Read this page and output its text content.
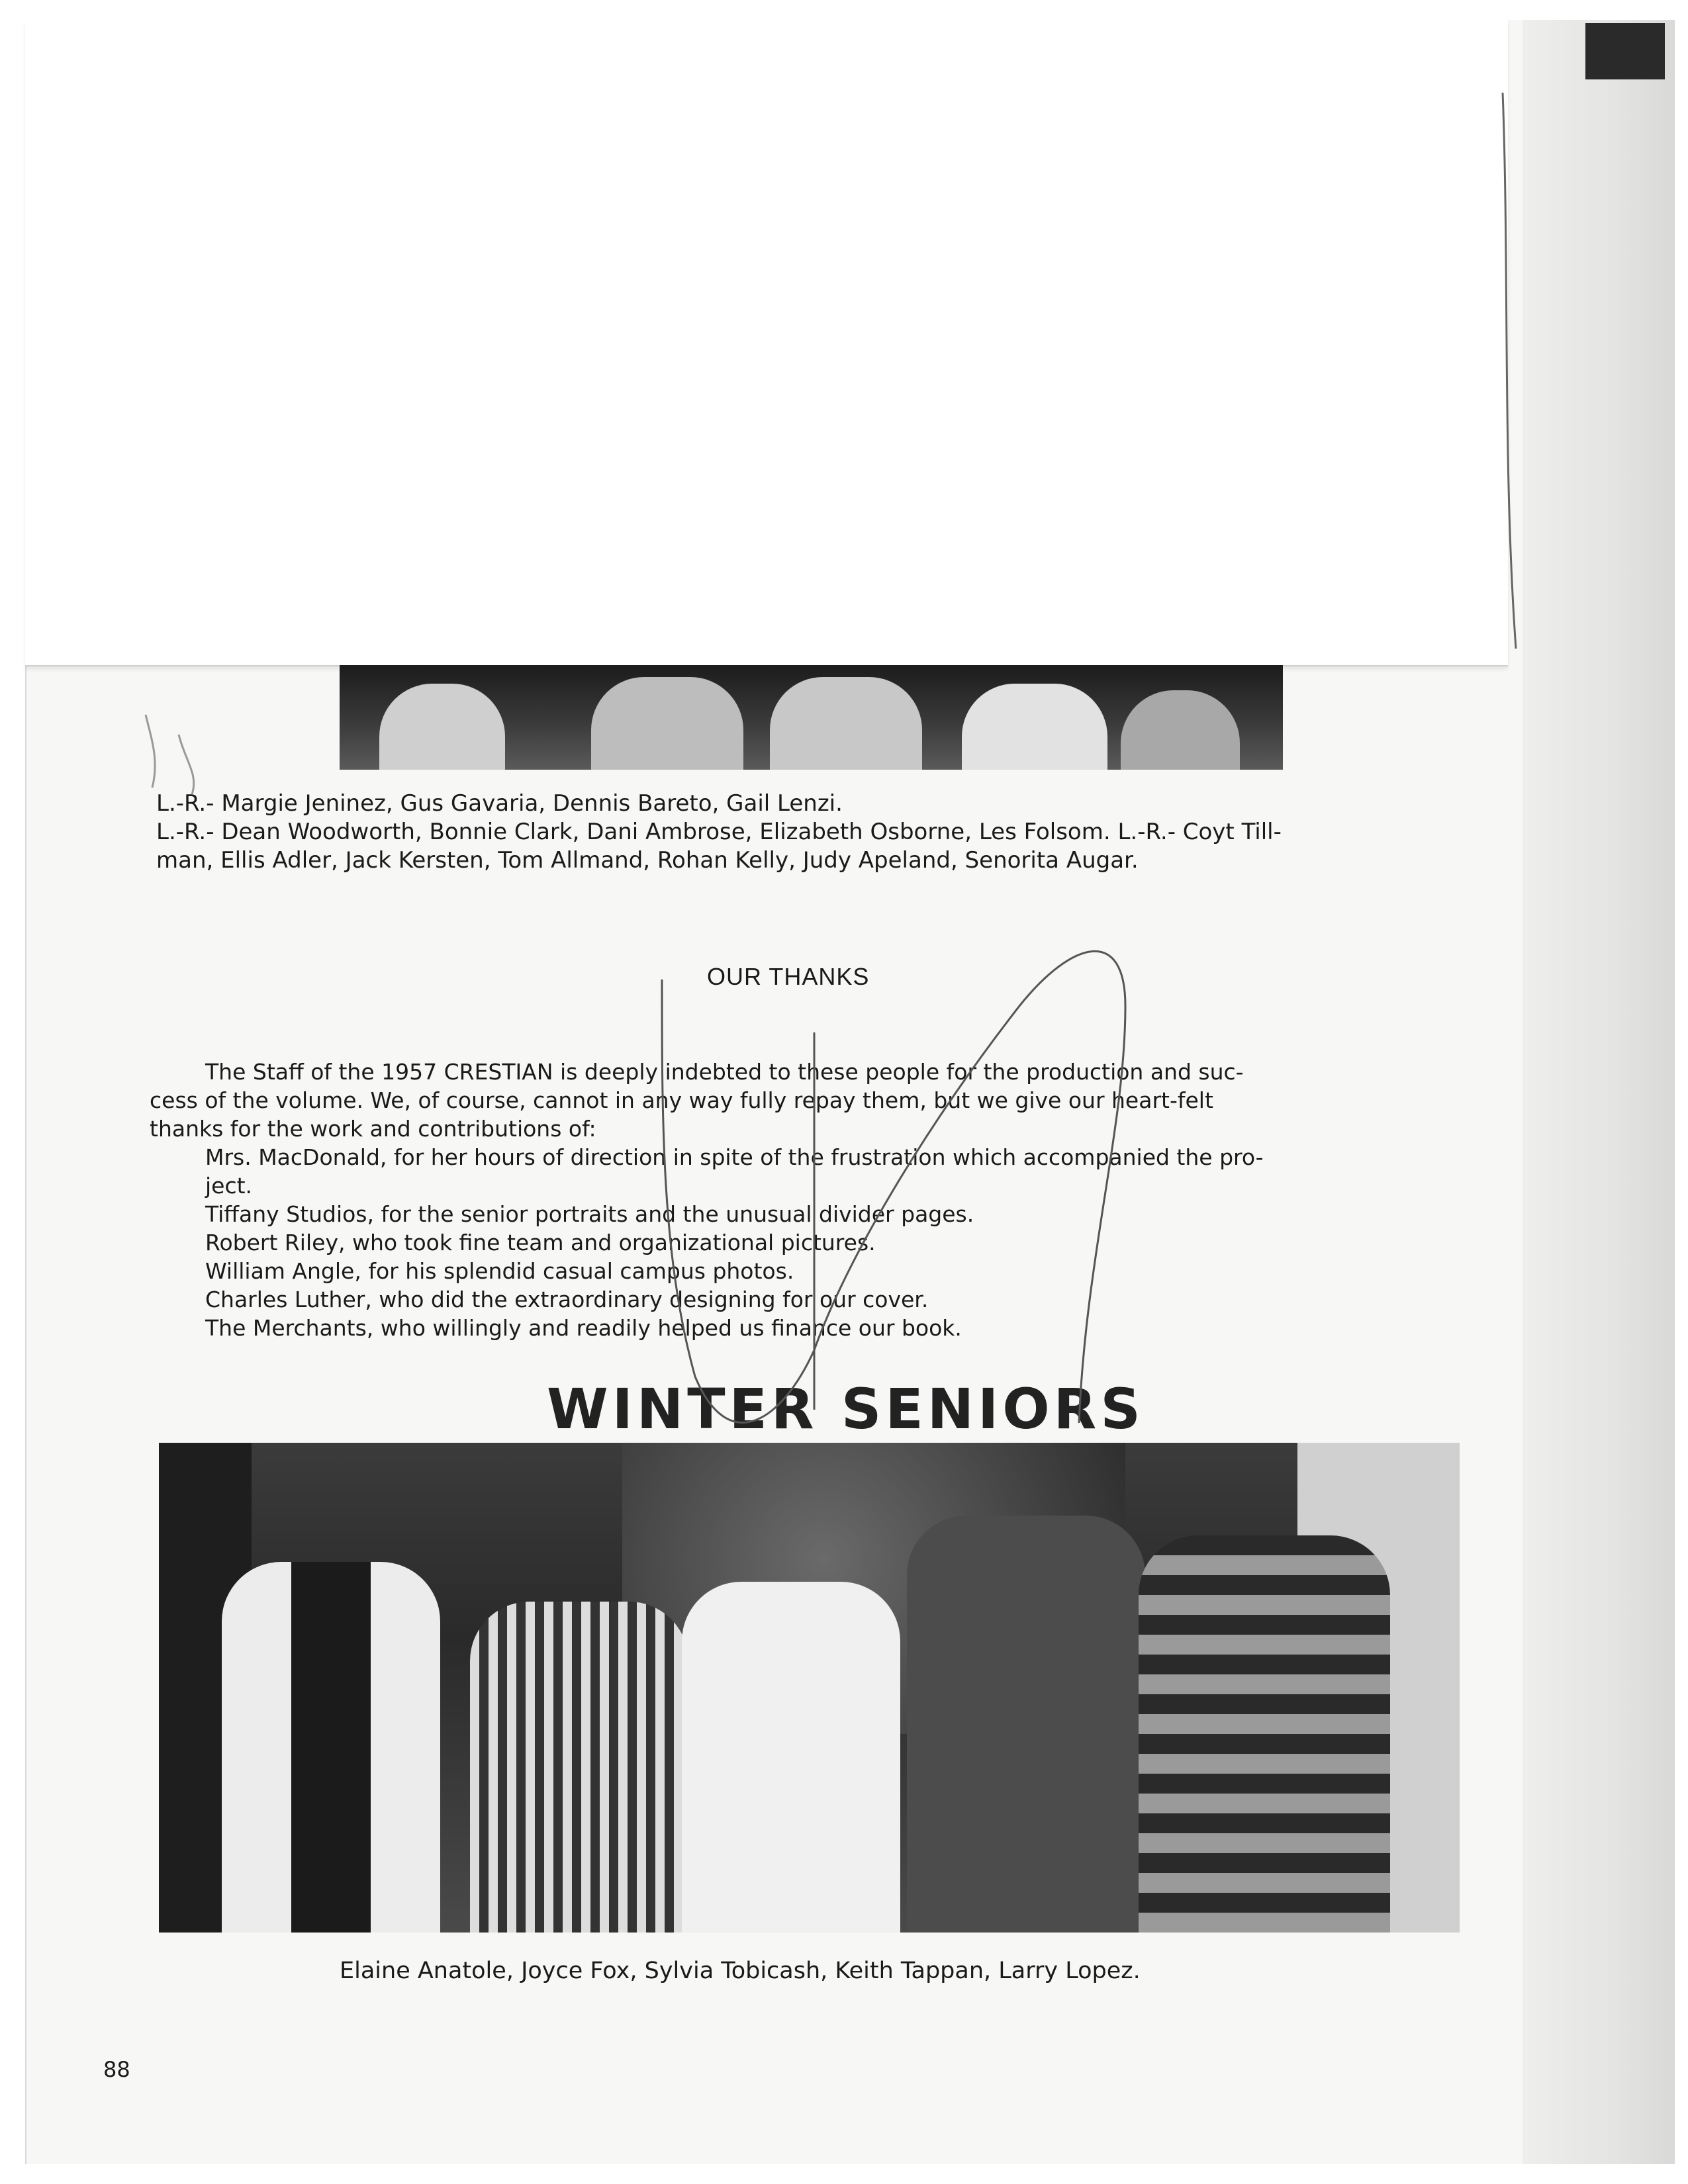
L.-R.- Margie Jeninez, Gus Gavaria, Dennis Bareto, Gail Lenzi.
L.-R.- Dean Woodworth, Bonnie Clark, Dani Ambrose, Elizabeth Osborne, Les Folsom. L.-R.- Coyt Till-
man, Ellis Adler, Jack Kersten, Tom Allmand, Rohan Kelly, Judy Apeland, Senorita Augar.
OUR THANKS

The Staff of the 1957 CRESTIAN is deeply indebted to these people for the production and suc-

cess of the volume. We, of course, cannot in any way fully repay them, but we give our heart-felt

thanks for the work and contributions of:

Mrs. MacDonald, for her hours of direction in spite of the frustration which accompanied the pro-

ject.

Tiffany Studios, for the senior portraits and the unusual divider pages.

Robert Riley, who took fine team and organizational pictures.

William Angle, for his splendid casual campus photos.

Charles Luther, who did the extraordinary designing for our cover.

The Merchants, who willingly and readily helped us finance our book.

WINTER SENIORS
Elaine Anatole, Joyce Fox, Sylvia Tobicash, Keith Tappan, Larry Lopez.
88
